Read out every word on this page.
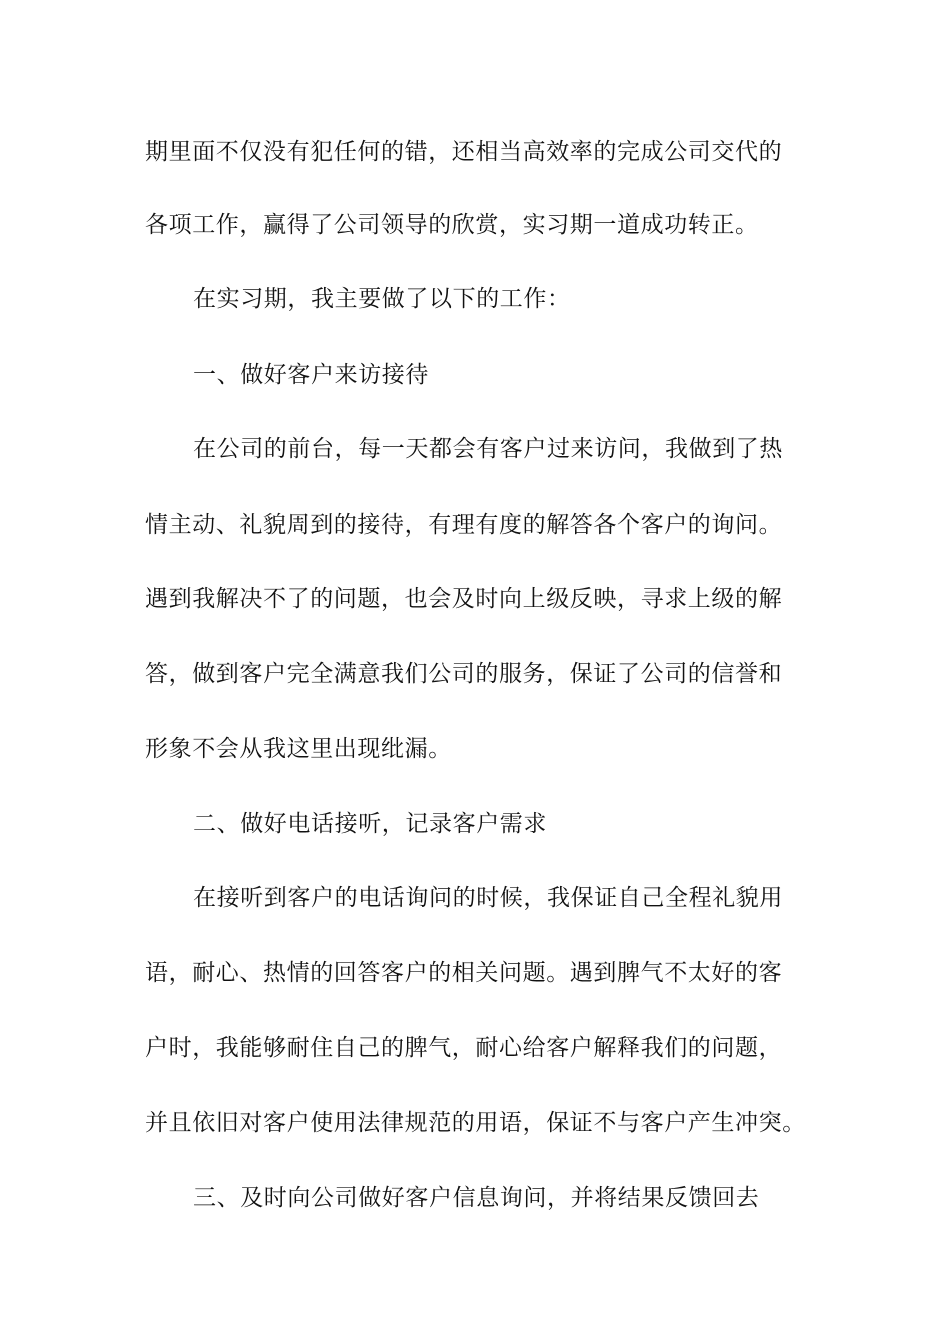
期里面不仅没有犯任何的错，还相当高效率的完成公司交代的
各项工作，赢得了公司领导的欣赏，实习期一道成功转正。
在实习期，我主要做了以下的工作：
一、做好客户来访接待
在公司的前台，每一天都会有客户过来访问，我做到了热
情主动、礼貌周到的接待，有理有度的解答各个客户的询问。
遇到我解决不了的问题，也会及时向上级反映，寻求上级的解
答，做到客户完全满意我们公司的服务，保证了公司的信誉和
形象不会从我这里出现纰漏。
二、做好电话接听，记录客户需求
在接听到客户的电话询问的时候，我保证自己全程礼貌用
语，耐心、热情的回答客户的相关问题。遇到脾气不太好的客
户时，我能够耐住自己的脾气，耐心给客户解释我们的问题，
并且依旧对客户使用法律规范的用语，保证不与客户产生冲突。
三、及时向公司做好客户信息询问，并将结果反馈回去
